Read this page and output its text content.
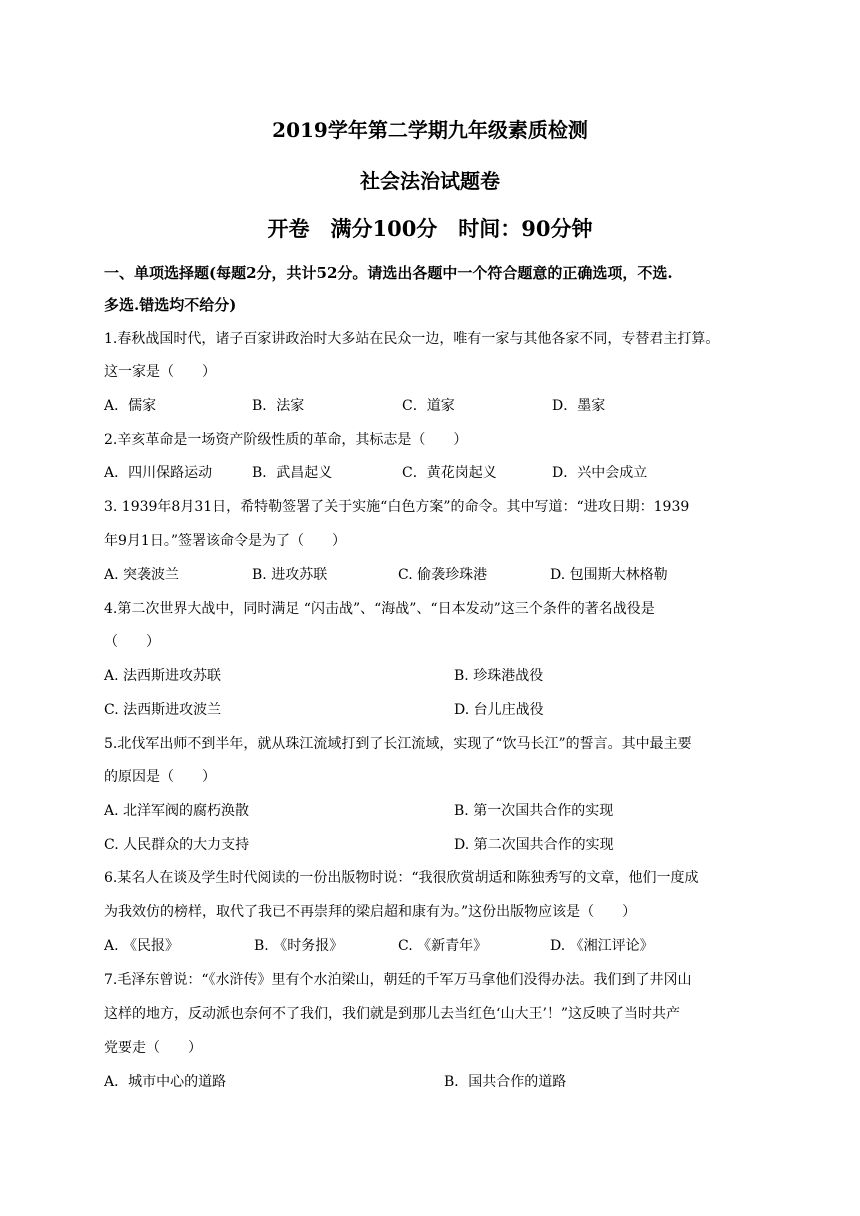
2019学年第二学期九年级素质检测
社会法治试题卷
开卷　满分100分　时间：90分钟
一、单项选择题(每题2分，共计52分。请选出各题中一个符合题意的正确选项，不选.
多选.错选均不给分)
1.春秋战国时代，诸子百家讲政治时大多站在民众一边，唯有一家与其他各家不同，专替君主打算。
这一家是（　　）
A．儒家	B．法家	C．道家	D．墨家
2.辛亥革命是一场资产阶级性质的革命，其标志是（　　）
A．四川保路运动	B．武昌起义	C．黄花岗起义	D．兴中会成立
3. 1939年8月31日，希特勒签署了关于实施“白色方案”的命令。其中写道：“进攻日期：1939
年9月1日。”签署该命令是为了（　　）
A. 突袭波兰	B. 进攻苏联	C. 偷袭珍珠港	D. 包围斯大林格勒
4.第二次世界大战中，同时满足 “闪击战”、“海战”、“日本发动”这三个条件的著名战役是
（　　）
A. 法西斯进攻苏联	B. 珍珠港战役
C. 法西斯进攻波兰	D. 台儿庄战役
5.北伐军出师不到半年，就从珠江流域打到了长江流域，实现了“饮马长江”的誓言。其中最主要
的原因是（　　）
A. 北洋军阀的腐朽涣散	B. 第一次国共合作的实现
C. 人民群众的大力支持	D. 第二次国共合作的实现
6.某名人在谈及学生时代阅读的一份出版物时说：“我很欣赏胡适和陈独秀写的文章，他们一度成
为我效仿的榜样，取代了我已不再崇拜的梁启超和康有为。”这份出版物应该是（　　）
A. 《民报》	B. 《时务报》	C. 《新青年》	D. 《湘江评论》
7.毛泽东曾说：“《水浒传》里有个水泊梁山，朝廷的千军万马拿他们没得办法。我们到了井冈山
这样的地方，反动派也奈何不了我们，我们就是到那儿去当红色‘山大王’！”这反映了当时共产
党要走（　　）
A．城市中心的道路	B．国共合作的道路
